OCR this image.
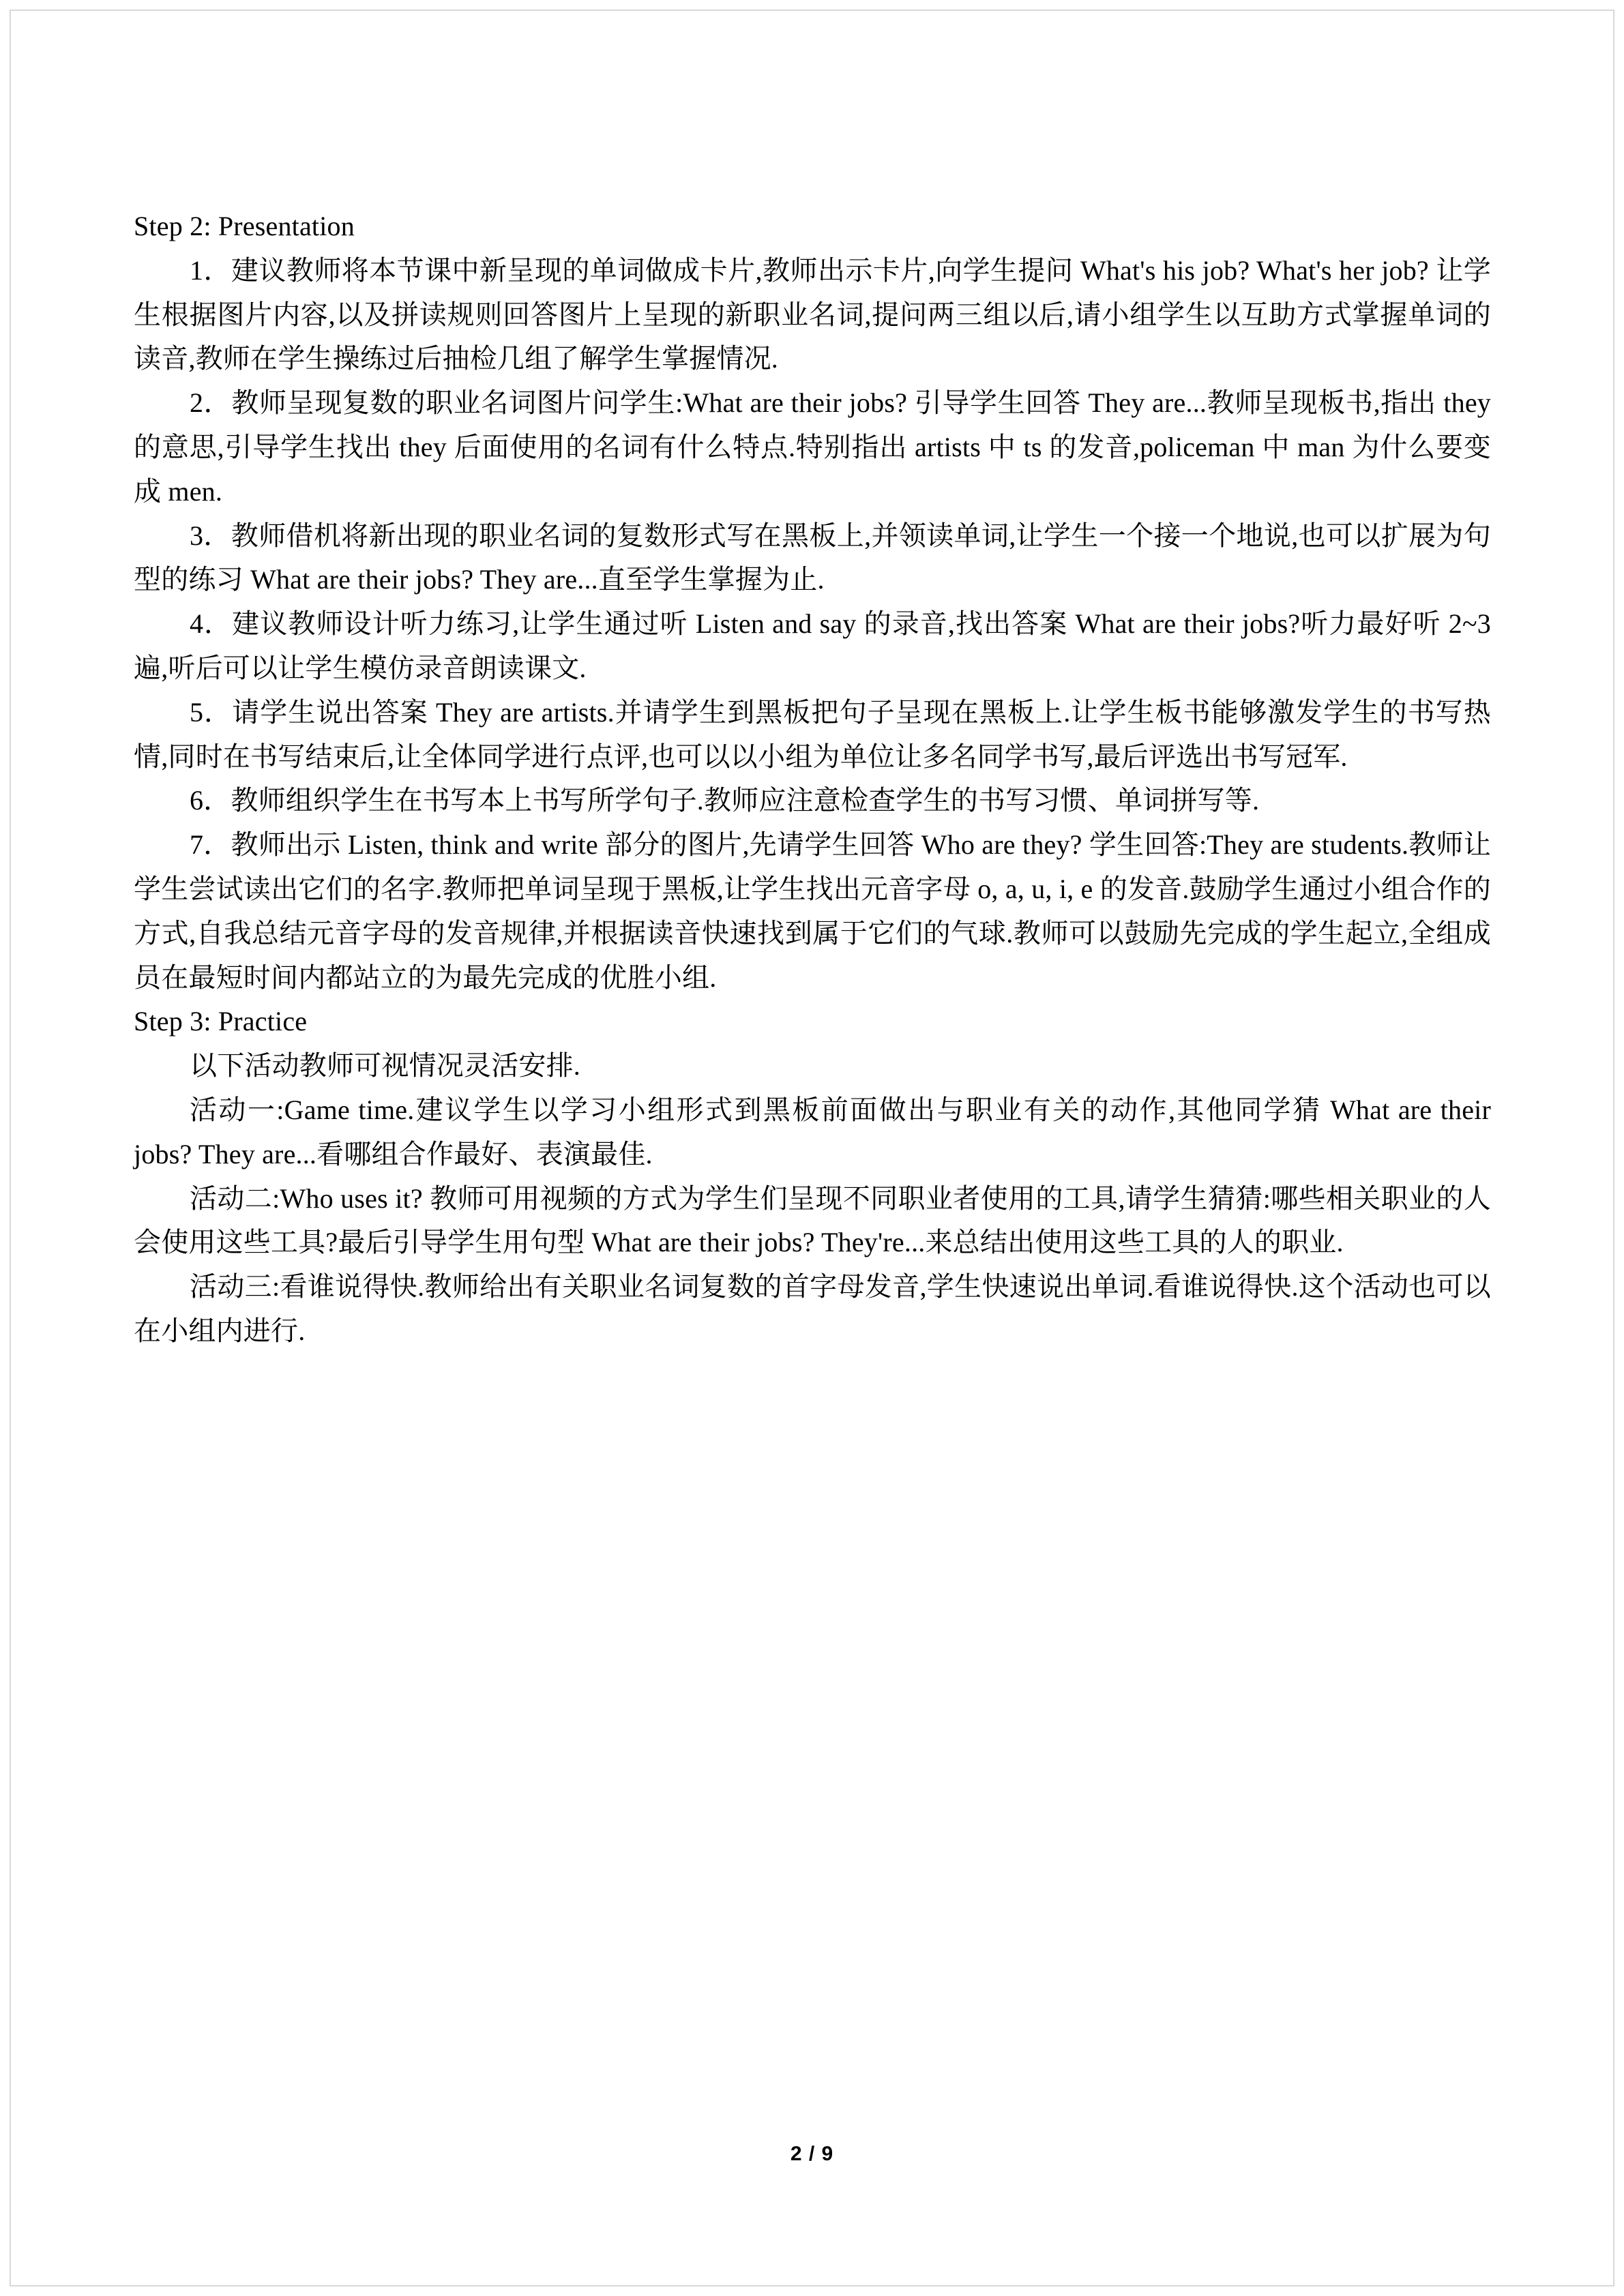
Step 2: Presentation

1．建议教师将本节课中新呈现的单词做成卡片,教师出示卡片,向学生提问 What's his job? What's her job? 让学生根据图片内容,以及拼读规则回答图片上呈现的新职业名词,提问两三组以后,请小组学生以互助方式掌握单词的读音,教师在学生操练过后抽检几组了解学生掌握情况.

2．教师呈现复数的职业名词图片问学生:What are their jobs? 引导学生回答 They are...教师呈现板书,指出 they 的意思,引导学生找出 they 后面使用的名词有什么特点.特别指出 artists 中 ts 的发音,policeman 中 man 为什么要变成 men.

3．教师借机将新出现的职业名词的复数形式写在黑板上,并领读单词,让学生一个接一个地说,也可以扩展为句型的练习 What are their jobs? They are...直至学生掌握为止.

4．建议教师设计听力练习,让学生通过听 Listen and say 的录音,找出答案 What are their jobs?听力最好听 2~3 遍,听后可以让学生模仿录音朗读课文.

5．请学生说出答案 They are artists.并请学生到黑板把句子呈现在黑板上.让学生板书能够激发学生的书写热情,同时在书写结束后,让全体同学进行点评,也可以以小组为单位让多名同学书写,最后评选出书写冠军.

6．教师组织学生在书写本上书写所学句子.教师应注意检查学生的书写习惯、单词拼写等.

7．教师出示 Listen, think and write 部分的图片,先请学生回答 Who are they? 学生回答:They are students.教师让学生尝试读出它们的名字.教师把单词呈现于黑板,让学生找出元音字母 o, a, u, i, e 的发音.鼓励学生通过小组合作的方式,自我总结元音字母的发音规律,并根据读音快速找到属于它们的气球.教师可以鼓励先完成的学生起立,全组成员在最短时间内都站立的为最先完成的优胜小组.

Step 3: Practice

以下活动教师可视情况灵活安排.

活动一:Game time.建议学生以学习小组形式到黑板前面做出与职业有关的动作,其他同学猜 What are their jobs? They are...看哪组合作最好、表演最佳.

活动二:Who uses it? 教师可用视频的方式为学生们呈现不同职业者使用的工具,请学生猜猜:哪些相关职业的人会使用这些工具?最后引导学生用句型 What are their jobs? They're...来总结出使用这些工具的人的职业.

活动三:看谁说得快.教师给出有关职业名词复数的首字母发音,学生快速说出单词.看谁说得快.这个活动也可以在小组内进行.

2 / 9
